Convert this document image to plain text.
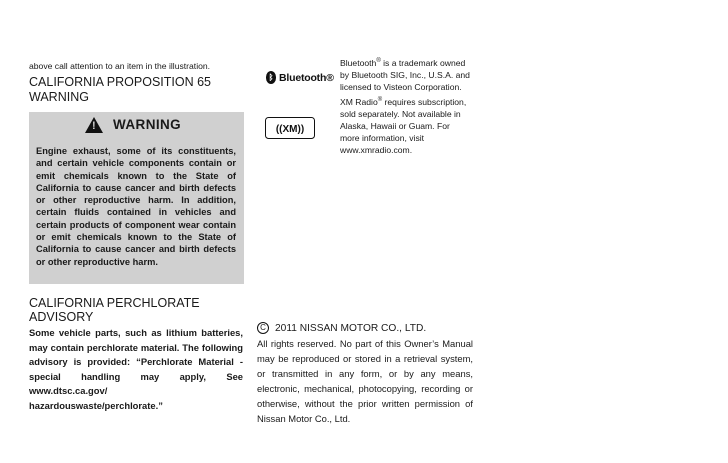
above call attention to an item in the illustration.
CALIFORNIA PROPOSITION 65
WARNING
! WARNING
Engine exhaust, some of its constituents, and certain vehicle components contain or emit chemicals known to the State of California to cause cancer and birth defects or other reproductive harm. In addition, certain fluids contained in vehicles and certain products of component wear contain or emit chemicals known to the State of California to cause cancer and birth defects or other reproductive harm.
CALIFORNIA PERCHLORATE ADVISORY
Some vehicle parts, such as lithium batteries, may contain perchlorate material. The following advisory is provided: “Perchlorate Material - special handling may apply, See www.dtsc.ca.gov/
hazardouswaste/perchlorate.”
ᛒ Bluetooth®
((XM))

Bluetooth® is a trademark owned by Bluetooth SIG, Inc., U.S.A. and licensed to Visteon Corporation.

XM Radio® requires subscription, sold separately. Not available in Alaska, Hawaii or Guam. For more information, visit www.xmradio.com.

C 2011 NISSAN MOTOR CO., LTD.
All rights reserved. No part of this Owner’s Manual may be reproduced or stored in a retrieval system, or transmitted in any form, or by any means, electronic, mechanical, photocopying, recording or otherwise, without the prior written permission of Nissan Motor Co., Ltd.
